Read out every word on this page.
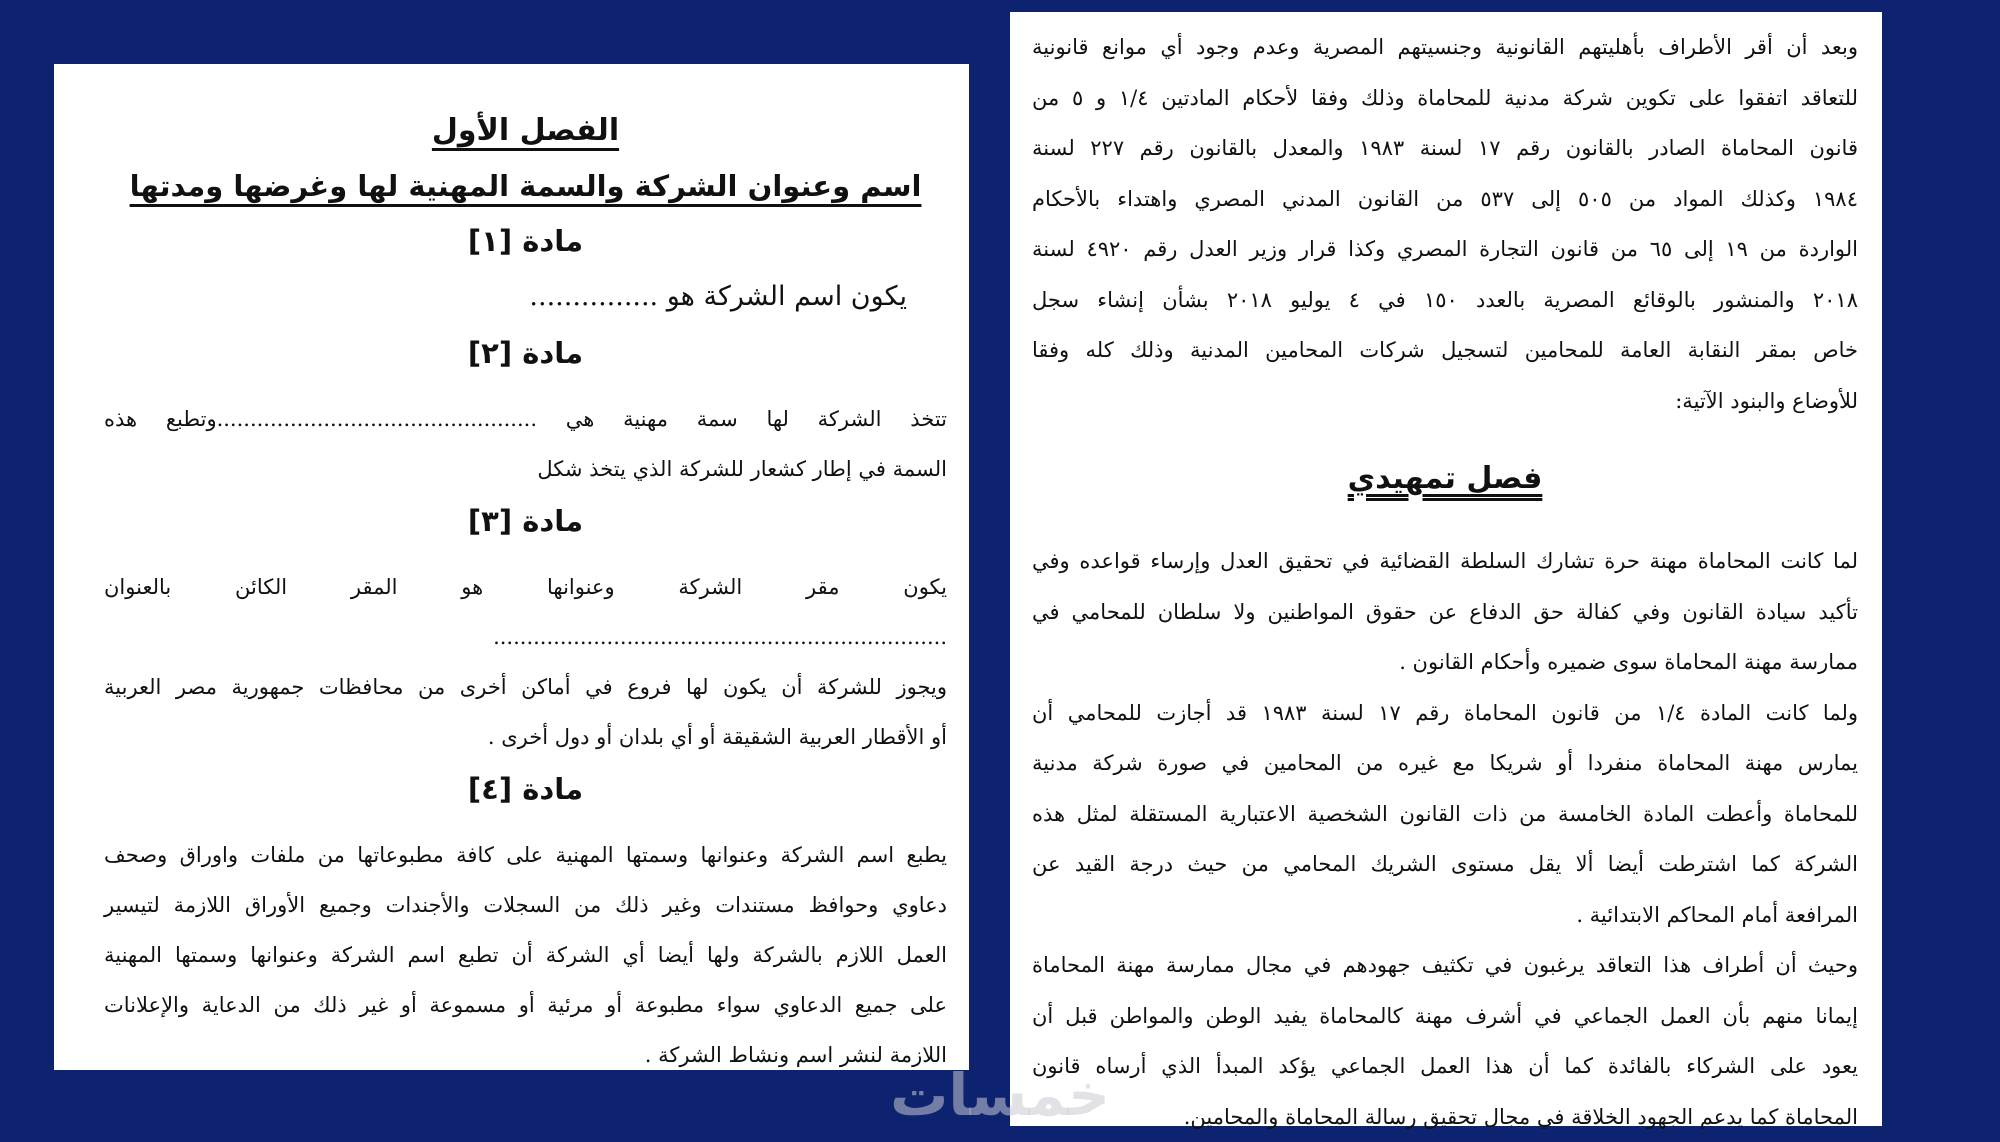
الفصل الأول

اسم وعنوان الشركة والسمة المهنية لها وغرضها ومدتها

مادة [١]

يكون اسم الشركة هو ...............

مادة [٢]

تتخذ الشركة لها سمة مهنية هي ................................................وتطبع هذه

السمة في إطار كشعار للشركة الذي يتخذ شكل

مادة [٣]

يكون مقر الشركة وعنوانها هو المقر الكائن بالعنوان

....................................................................

ويجوز للشركة أن يكون لها فروع في أماكن أخرى من محافظات جمهورية مصر العربية

أو الأقطار العربية الشقيقة أو أي بلدان أو دول أخرى .

مادة [٤]

يطبع اسم الشركة وعنوانها وسمتها المهنية على كافة مطبوعاتها من ملفات واوراق وصحف

دعاوي وحوافظ مستندات وغير ذلك من السجلات والأجندات وجميع الأوراق اللازمة لتيسير

العمل اللازم بالشركة ولها أيضا أي الشركة أن تطبع اسم الشركة وعنوانها وسمتها المهنية

على جميع الدعاوي سواء مطبوعة أو مرئية أو مسموعة أو غير ذلك من الدعاية والإعلانات

اللازمة لنشر اسم ونشاط الشركة .

وبعد أن أقر الأطراف بأهليتهم القانونية وجنسيتهم المصرية وعدم وجود أي موانع قانونية

للتعاقد اتفقوا على تكوين شركة مدنية للمحاماة وذلك وفقا لأحكام المادتين ١/٤ و ٥ من

قانون المحاماة الصادر بالقانون رقم ١٧ لسنة ١٩٨٣ والمعدل بالقانون رقم ٢٢٧ لسنة

١٩٨٤ وكذلك المواد من ٥٠٥ إلى ٥٣٧ من القانون المدني المصري واهتداء بالأحكام

الواردة من ١٩ إلى ٦٥ من قانون التجارة المصري وكذا قرار وزير العدل رقم ٤٩٢٠ لسنة

٢٠١٨ والمنشور بالوقائع المصرية بالعدد ١٥٠ في ٤ يوليو ٢٠١٨ بشأن إنشاء سجل

خاص بمقر النقابة العامة للمحامين لتسجيل شركات المحامين المدنية وذلك كله وفقا

للأوضاع والبنود الآتية:

فصل تمهيدي

لما كانت المحاماة مهنة حرة تشارك السلطة القضائية في تحقيق العدل وإرساء قواعده وفي

تأكيد سيادة القانون وفي كفالة حق الدفاع عن حقوق المواطنين ولا سلطان للمحامي في

ممارسة مهنة المحاماة سوى ضميره وأحكام القانون .

ولما كانت المادة ١/٤ من قانون المحاماة رقم ١٧ لسنة ١٩٨٣ قد أجازت للمحامي أن

يمارس مهنة المحاماة منفردا أو شريكا مع غيره من المحامين في صورة شركة مدنية

للمحاماة وأعطت المادة الخامسة من ذات القانون الشخصية الاعتبارية المستقلة لمثل هذه

الشركة كما اشترطت أيضا ألا يقل مستوى الشريك المحامي من حيث درجة القيد عن

المرافعة أمام المحاكم الابتدائية .

وحيث أن أطراف هذا التعاقد يرغبون في تكثيف جهودهم في مجال ممارسة مهنة المحاماة

إيمانا منهم بأن العمل الجماعي في أشرف مهنة كالمحاماة يفيد الوطن والمواطن قبل أن

يعود على الشركاء بالفائدة كما أن هذا العمل الجماعي يؤكد المبدأ الذي أرساه قانون

المحاماة كما يدعم الجهود الخلاقة في مجال تحقيق رسالة المحاماة والمحامين.

خمسات
